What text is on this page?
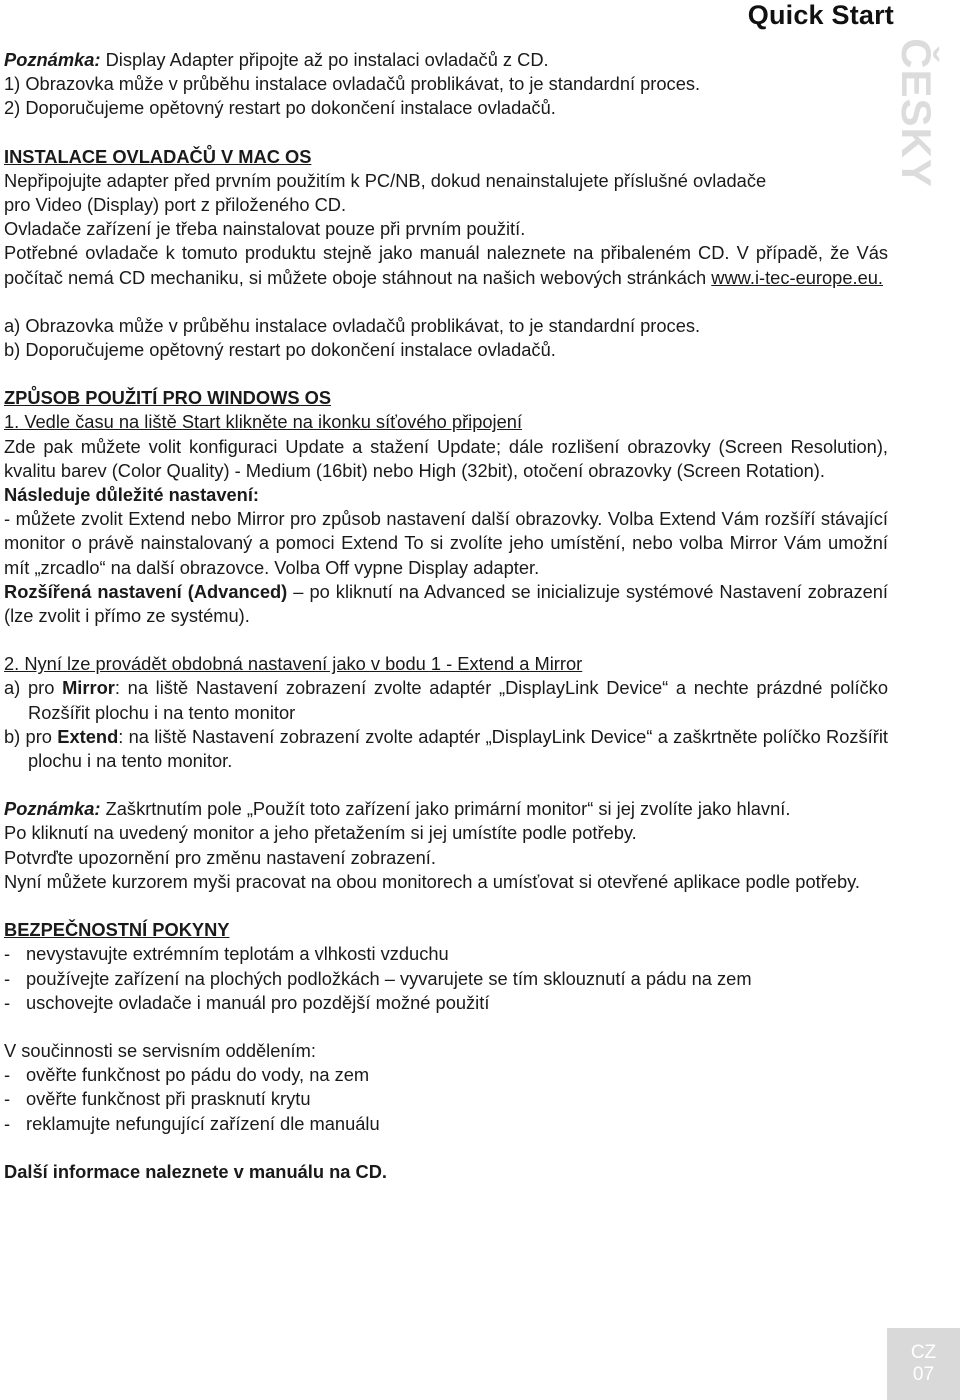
Quick Start
ČESKY

Poznámka: Display Adapter připojte až po instalaci ovladačů z CD.

1) Obrazovka může v průběhu instalace ovladačů problikávat, to je standardní proces.

2) Doporučujeme opětovný restart po dokončení instalace ovladačů.

INSTALACE OVLADAČŮ V MAC OS

Nepřipojujte adapter před prvním použitím k PC/NB, dokud nenainstalujete příslušné ovladače

pro Video (Display) port z přiloženého CD.

Ovladače zařízení je třeba nainstalovat pouze při prvním použití.

Potřebné ovladače k tomuto produktu stejně jako manuál naleznete na přibaleném CD. V případě, že Vás počítač nemá CD mechaniku, si můžete oboje stáhnout na našich webových stránkách www.i-tec-europe.eu.

a) Obrazovka může v průběhu instalace ovladačů problikávat, to je standardní proces.

b) Doporučujeme opětovný restart po dokončení instalace ovladačů.

ZPŮSOB POUŽITÍ PRO WINDOWS OS

1. Vedle času na liště Start klikněte na ikonku síťového připojení

Zde pak můžete volit konfiguraci Update a stažení Update; dále rozlišení obrazovky (Screen Resolution), kvalitu barev (Color Quality) - Medium (16bit) nebo High (32bit), otočení obrazovky (Screen Rotation).

Následuje důležité nastavení:

- můžete zvolit Extend nebo Mirror pro způsob nastavení další obrazovky. Volba Extend Vám rozšíří stávající monitor o právě nainstalovaný a pomoci Extend To si zvolíte jeho umístění, nebo volba Mirror Vám umožní mít „zrcadlo“ na další obrazovce. Volba Off vypne Display adapter.

Rozšířená nastavení (Advanced) – po kliknutí na Advanced se inicializuje systémové Nastavení zobrazení (lze zvolit i přímo ze systému).

2. Nyní lze provádět obdobná nastavení jako v bodu 1 - Extend a Mirror

a) pro Mirror: na liště Nastavení zobrazení zvolte adaptér „DisplayLink Device“ a nechte prázdné políčko Rozšířit plochu i na tento monitor

b) pro Extend: na liště Nastavení zobrazení zvolte adaptér „DisplayLink Device“ a zaškrtněte políčko Rozšířit plochu i na tento monitor.

Poznámka: Zaškrtnutím pole „Použít toto zařízení jako primární monitor“ si jej zvolíte jako hlavní.

Po kliknutí na uvedený monitor a jeho přetažením si jej umístíte podle potřeby.

Potvrďte upozornění pro změnu nastavení zobrazení.

Nyní můžete kurzorem myši pracovat na obou monitorech a umísťovat si otevřené aplikace podle potřeby.

BEZPEČNOSTNÍ POKYNY

- nevystavujte extrémním teplotám a vlhkosti vzduchu
- používejte zařízení na plochých podložkách – vyvarujete se tím sklouznutí a pádu na zem
- uschovejte ovladače i manuál pro pozdější možné použití

V součinnosti se servisním oddělením:

- ověřte funkčnost po pádu do vody, na zem
- ověřte funkčnost při prasknutí krytu
- reklamujte nefungující zařízení dle manuálu

Další informace naleznete v manuálu na CD.

CZ
07
